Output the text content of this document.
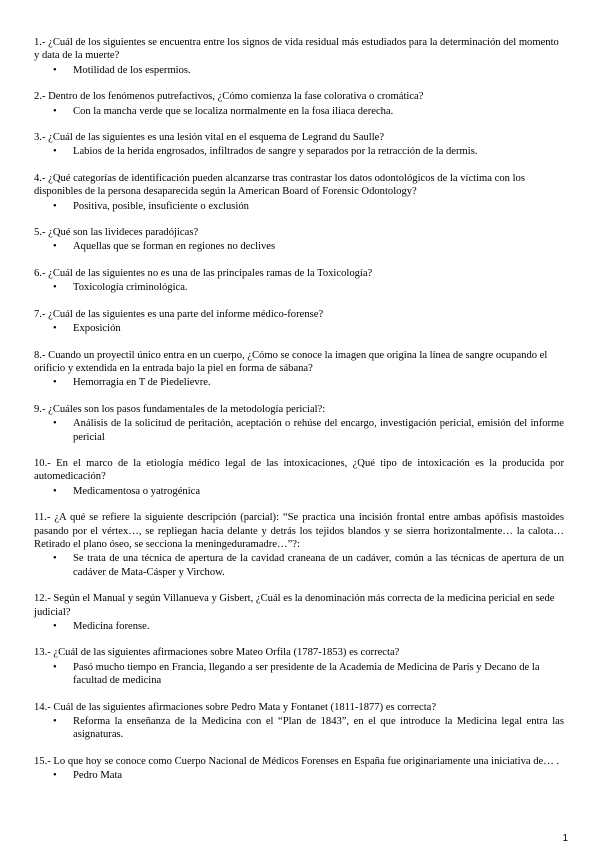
1.- ¿Cuál de los siguientes se encuentra entre los signos de vida residual más estudiados para la determinación del momento y data de la muerte?

• Motilidad de los espermios.

2.- Dentro de los fenómenos putrefactivos, ¿Cómo comienza la fase colorativa o cromática?

• Con la mancha verde que se localiza normalmente en la fosa iliaca derecha.

3.- ¿Cuál de las siguientes es una lesión vital en el esquema de Legrand du Saulle?

• Labios de la herida engrosados, infiltrados de sangre y separados por la retracción de la dermis.

4.- ¿Qué categorías de identificación pueden alcanzarse tras contrastar los datos odontológicos de la víctima con los disponibles de la persona desaparecida según la American Board of Forensic Odontology?

• Positiva, posible, insuficiente o exclusión

5.- ¿Qué son las livideces paradójicas?

• Aquellas que se forman en regiones no declives

6.- ¿Cuál de las siguientes no es una de las principales ramas de la Toxicología?

• Toxicología criminológica.

7.- ¿Cuál de las siguientes es una parte del informe médico-forense?

• Exposición

8.- Cuando un proyectil único entra en un cuerpo, ¿Cómo se conoce la imagen que origina la línea de sangre ocupando el orificio y extendida en la entrada bajo la piel en forma de sábana?

• Hemorragia en T de Piedelievre.

9.- ¿Cuáles son los pasos fundamentales de la metodología pericial?:

• Análisis de la solicitud de peritación, aceptación o rehúse del encargo, investigación pericial, emisión del informe pericial

10.- En el marco de la etiología médico legal de las intoxicaciones, ¿Qué tipo de intoxicación es la producida por automedicación?

• Medicamentosa o yatrogénica

11.- ¿A qué se refiere la siguiente descripción (parcial): “Se practica una incisión frontal entre ambas apófisis mastoides pasando por el vértex…, se repliegan hacia delante y detrás los tejidos blandos y se sierra horizontalmente… la calota… Retirado el plano óseo, se secciona la meningeduramadre…”?:

• Se trata de una técnica de apertura de la cavidad craneana de un cadáver, común a las técnicas de apertura de un cadáver de Mata-Cásper y Virchow.

12.- Según el Manual y según Villanueva y Gisbert, ¿Cuál es la denominación más correcta de la medicina pericial en sede judicial?

• Medicina forense.

13.- ¿Cuál de las siguientes afirmaciones sobre Mateo Orfila (1787-1853) es correcta?

• Pasó mucho tiempo en Francia, llegando a ser presidente de la Academia de Medicina de París y Decano de la facultad de medicina

14.- Cuál de las siguientes afirmaciones sobre Pedro Mata y Fontanet (1811-1877) es correcta?

• Reforma la enseñanza de la Medicina con el “Plan de 1843”, en el que introduce la Medicina legal entra las asignaturas.

15.- Lo que hoy se conoce como Cuerpo Nacional de Médicos Forenses en España fue originariamente una iniciativa de… .

• Pedro Mata
1
